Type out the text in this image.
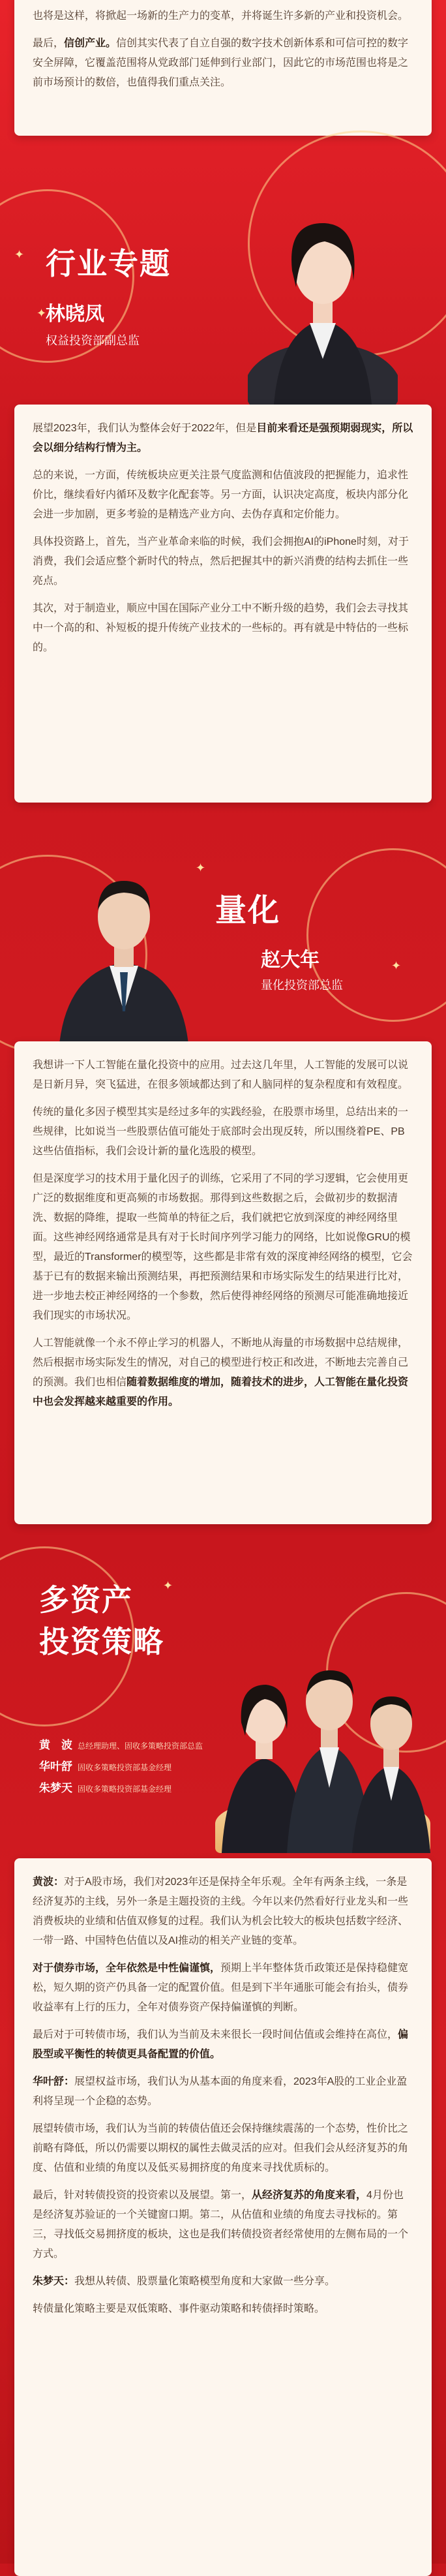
也将是这样，将掀起一场新的生产力的变革，并将诞生许多新的产业和投资机会。

最后，信创产业。信创其实代表了自立自强的数字技术创新体系和可信可控的数字安全屏障，它覆盖范围将从党政部门延伸到行业部门，因此它的市场范围也将是之前市场预计的数倍，也值得我们重点关注。

✦
✦
行业专题
林晓凤
权益投资部副总监

展望2023年，我们认为整体会好于2022年，但是目前来看还是强预期弱现实，所以会以细分结构行情为主。

总的来说，一方面，传统板块应更关注景气度监测和估值波段的把握能力，追求性价比，继续看好内循环及数字化配套等。另一方面，认识决定高度，板块内部分化会进一步加剧，更多考验的是精选产业方向、去伪存真和定价能力。

具体投资路上，首先，当产业革命来临的时候，我们会拥抱AI的iPhone时刻，对于消费，我们会适应整个新时代的特点，然后把握其中的新兴消费的结构去抓住一些亮点。

其次，对于制造业，顺应中国在国际产业分工中不断升级的趋势，我们会去寻找其中一个高的和、补短板的提升传统产业技术的一些标的。再有就是中特估的一些标的。

✦
✦
量化
赵大年
量化投资部总监

我想讲一下人工智能在量化投资中的应用。过去这几年里，人工智能的发展可以说是日新月异，突飞猛进，在很多领域都达到了和人脑同样的复杂程度和有效程度。

传统的量化多因子模型其实是经过多年的实践经验，在股票市场里，总结出来的一些规律，比如说当一些股票估值可能处于底部时会出现反转，所以围绕着PE、PB这些估值指标，我们会设计新的量化选股的模型。

但是深度学习的技术用于量化因子的训练，它采用了不同的学习逻辑，它会使用更广泛的数据维度和更高频的市场数据。那得到这些数据之后，会做初步的数据清洗、数据的降维，提取一些简单的特征之后，我们就把它放到深度的神经网络里面。这些神经网络通常是具有对于长时间序列学习能力的网络，比如说像GRU的模型，最近的Transformer的模型等，这些都是非常有效的深度神经网络的模型，它会基于已有的数据来输出预测结果，再把预测结果和市场实际发生的结果进行比对，进一步地去校正神经网络的一个参数，然后使得神经网络的预测尽可能准确地接近我们现实的市场状况。

人工智能就像一个永不停止学习的机器人，不断地从海量的市场数据中总结规律，然后根据市场实际发生的情况，对自己的模型进行校正和改进，不断地去完善自己的预测。我们也相信随着数据维度的增加，随着技术的进步，人工智能在量化投资中也会发挥越来越重要的作用。

✦
多资产
投资策略
黄　波 总经理助理、固收多策略投资部总监
华叶舒 固收多策略投资部基金经理
朱梦天 固收多策略投资部基金经理

黄波：对于A股市场，我们对2023年还是保持全年乐观。全年有两条主线，一条是经济复苏的主线，另外一条是主题投资的主线。今年以来仍然看好行业龙头和一些消费板块的业绩和估值双修复的过程。我们认为机会比较大的板块包括数字经济、一带一路、中国特色估值以及AI推动的相关产业链的变革。

对于债券市场，全年依然是中性偏谨慎，预期上半年整体货币政策还是保持稳健宽松，短久期的资产仍具备一定的配置价值。但是到下半年通胀可能会有抬头，债券收益率有上行的压力，全年对债券资产保持偏谨慎的判断。

最后对于可转债市场，我们认为当前及未来很长一段时间估值或会维持在高位，偏股型或平衡性的转债更具备配置的价值。

华叶舒：展望权益市场，我们认为从基本面的角度来看，2023年A股的工业企业盈利将呈现一个企稳的态势。

展望转债市场，我们认为当前的转债估值还会保持继续震荡的一个态势，性价比之前略有降低，所以仍需要以期权的属性去做灵活的应对。但我们会从经济复苏的角度、估值和业绩的角度以及低买易拥挤度的角度来寻找优质标的。

最后，针对转债投资的投资索以及展望。第一，从经济复苏的角度来看，4月份也是经济复苏验证的一个关键窗口期。第二，从估值和业绩的角度去寻找标的。第三，寻找低交易拥挤度的板块，这也是我们转债投资者经常使用的左侧布局的一个方式。

朱梦天：我想从转债、股票量化策略模型角度和大家做一些分享。

转债量化策略主要是双低策略、事件驱动策略和转债择时策略。
